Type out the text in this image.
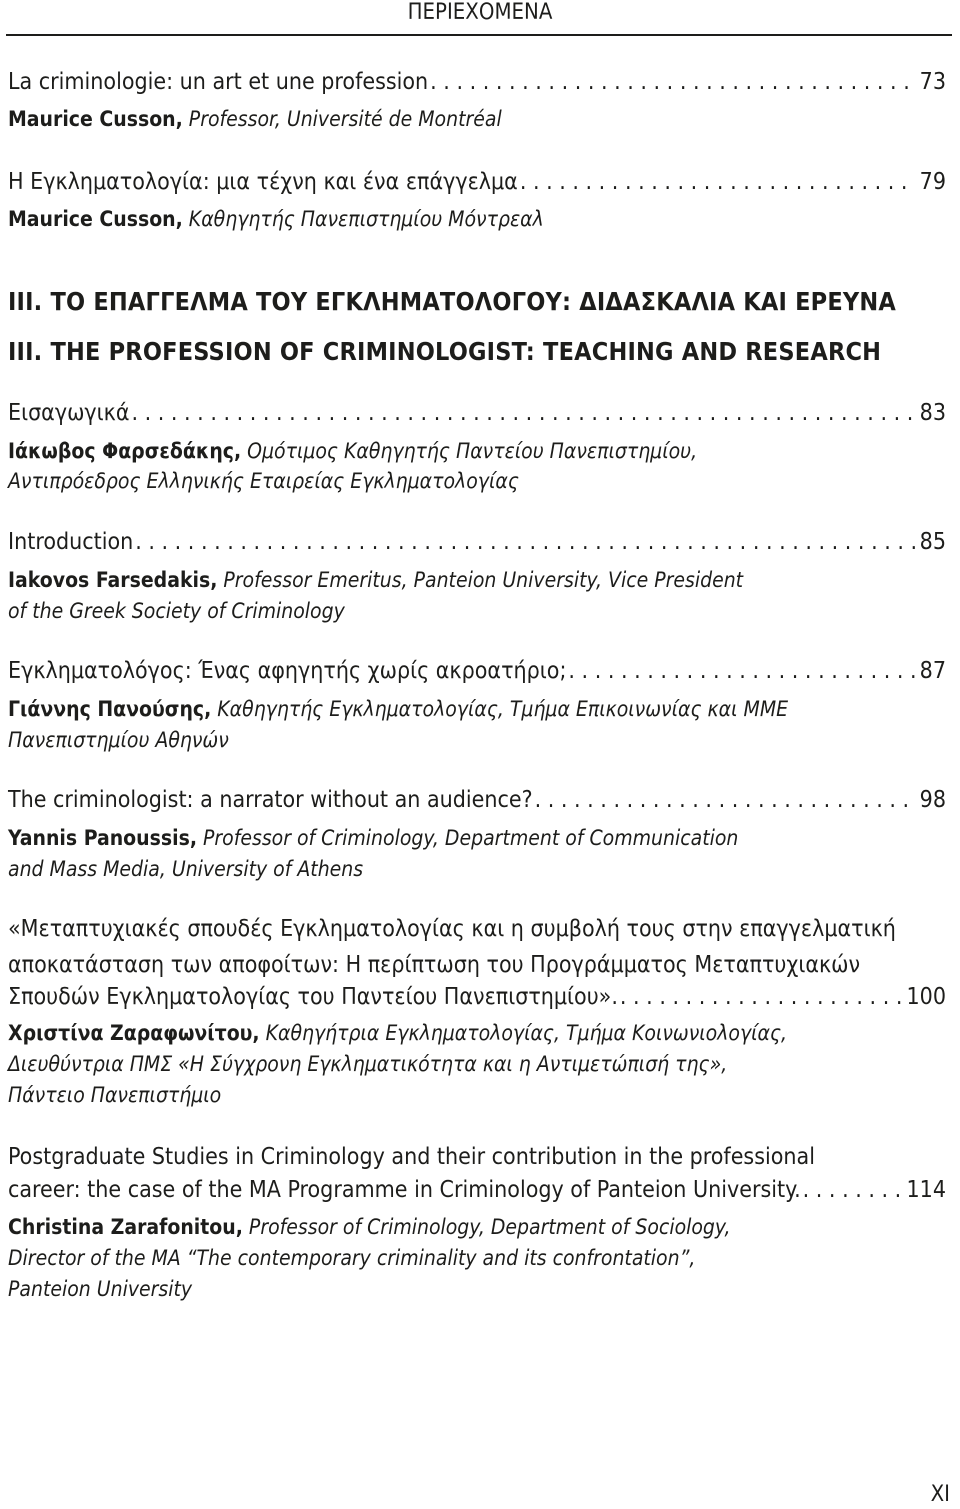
ΠΕΡΙΕΧΟΜΕΝΑ
La criminologie: un art et une profession . . .	73
Maurice Cusson, Professor, Université de Montréal
Η Εγκληματολογία: μια τέχνη και ένα επάγγελμα . . .	79
Maurice Cusson, Καθηγητής Πανεπιστημίου Μόντρεαλ
III. ΤΟ ΕΠΑΓΓΕΛΜΑ ΤΟΥ ΕΓΚΛΗΜΑΤΟΛΟΓΟΥ: ΔΙΔΑΣΚΑΛΙΑ ΚΑΙ ΕΡΕΥΝΑ
III. THE PROFESSION OF CRIMINOLOGIST: TEACHING AND RESEARCH
Εισαγωγικά . . .	83
Ιάκωβος Φαρσεδάκης, Ομότιμος Καθηγητής Παντείου Πανεπιστημίου,
Αντιπρόεδρος Ελληνικής Εταιρείας Εγκληματολογίας
Introduction . . .	85
Iakovos Farsedakis, Professor Emeritus, Panteion University, Vice President
of the Greek Society of Criminology
Εγκληματολόγος: Ένας αφηγητής χωρίς ακροατήριο; . . .	87
Γιάννης Πανούσης, Καθηγητής Εγκληματολογίας, Τμήμα Επικοινωνίας και ΜΜΕ
Πανεπιστημίου Αθηνών
The criminologist: a narrator without an audience? . . .	98
Yannis Panoussis, Professor of Criminology, Department of Communication
and Mass Media, University of Athens
«Μεταπτυχιακές σπουδές Εγκληματολογίας και η συμβολή τους στην επαγγελματική
αποκατάσταση των αποφοίτων: Η περίπτωση του Προγράμματος Μεταπτυχιακών
Σπουδών Εγκληματολογίας του Παντείου Πανεπιστημίου». . . .	100
Χριστίνα Ζαραφωνίτου, Καθηγήτρια Εγκληματολογίας, Τμήμα Κοινωνιολογίας,
Διευθύντρια ΠΜΣ «Η Σύγχρονη Εγκληματικότητα και η Αντιμετώπισή της»,
Πάντειο Πανεπιστήμιο
Postgraduate Studies in Criminology and their contribution in the professional
career: the case of the MA Programme in Criminology of Panteion University. . . .	114
Christina Zarafonitou, Professor of Criminology, Department of Sociology,
Director of the MA “The contemporary criminality and its confrontation”,
Panteion University
XI
